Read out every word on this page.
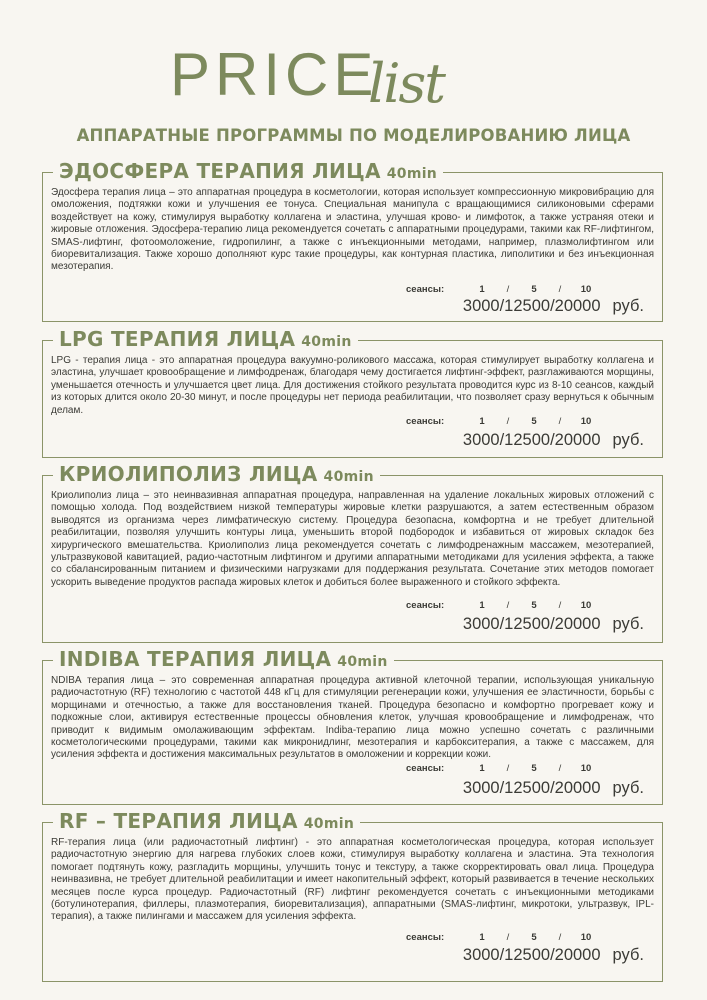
PRICE
list
АППАРАТНЫЕ ПРОГРАММЫ ПО МОДЕЛИРОВАНИЮ ЛИЦА
ЭДОСФЕРА ТЕРАПИЯ ЛИЦА 40min
Эдосфера терапия лица – это аппаратная процедура в косметологии, которая использует компрессионную микровибрацию для омоложения, подтяжки кожи и улучшения ее тонуса. Специальная манипула с вращающимися силиконовыми сферами воздействует на кожу, стимулируя выработку коллагена и эластина, улучшая крово- и лимфоток, а также устраняя отеки и жировые отложения. Эдосфера-терапию лица рекомендуется сочетать с аппаратными процедурами, такими как RF-лифтингом, SMAS-лифтинг, фотоомоложение, гидропилинг, а также с инъекционными методами, например, плазмолифтингом или биоревитализация. Также хорошо дополняют курс такие процедуры, как контурная пластика, липолитики и без инъекционная мезотерапия.
сеансы:	1 / 5 / 10
3000/12500/20000 руб.
LPG ТЕРАПИЯ ЛИЦА 40min
LPG - терапия лица - это аппаратная процедура вакуумно-роликового массажа, которая стимулирует выработку коллагена и эластина, улучшает кровообращение и лимфодренаж, благодаря чему достигается лифтинг-эффект, разглаживаются морщины, уменьшается отечность и улучшается цвет лица. Для достижения стойкого результата проводится курс из 8-10 сеансов, каждый из которых длится около 20-30 минут, и после процедуры нет периода реабилитации, что позволяет сразу вернуться к обычным делам.
сеансы:	1 / 5 / 10
3000/12500/20000 руб.
КРИОЛИПОЛИЗ ЛИЦА 40min
Криолиполиз лица – это неинвазивная аппаратная процедура, направленная на удаление локальных жировых отложений с помощью холода. Под воздействием низкой температуры жировые клетки разрушаются, а затем естественным образом выводятся из организма через лимфатическую систему. Процедура безопасна, комфортна и не требует длительной реабилитации, позволяя улучшить контуры лица, уменьшить второй подбородок и избавиться от жировых складок без хирургического вмешательства. Криолиполиз лица рекомендуется сочетать с лимфодренажным массажем, мезотерапией, ультразвуковой кавитацией, радио-частотным лифтингом и другими аппаратными методиками для усиления эффекта, а также со сбалансированным питанием и физическими нагрузками для поддержания результата. Сочетание этих методов помогает ускорить выведение продуктов распада жировых клеток и добиться более выраженного и стойкого эффекта.
сеансы:	1 / 5 / 10
3000/12500/20000 руб.
INDIBA ТЕРАПИЯ ЛИЦА 40min
NDIBA терапия лица – это современная аппаратная процедура активной клеточной терапии, использующая уникальную радиочастотную (RF) технологию с частотой 448 кГц для стимуляции регенерации кожи, улучшения ее эластичности, борьбы с морщинами и отечностью, а также для восстановления тканей. Процедура безопасно и комфортно прогревает кожу и подкожные слои, активируя естественные процессы обновления клеток, улучшая кровообращение и лимфодренаж, что приводит к видимым омолаживающим эффектам. Indiba-терапию лица можно успешно сочетать с различными косметологическими процедурами, такими как микронидлинг, мезотерапия и карбокситерапия, а также с массажем, для усиления эффекта и достижения максимальных результатов в омоложении и коррекции кожи.
сеансы:	1 / 5 / 10
3000/12500/20000 руб.
RF – ТЕРАПИЯ ЛИЦА 40min
RF-терапия лица (или радиочастотный лифтинг) - это аппаратная косметологическая процедура, которая использует радиочастотную энергию для нагрева глубоких слоев кожи, стимулируя выработку коллагена и эластина. Эта технология помогает подтянуть кожу, разгладить морщины, улучшить тонус и текстуру, а также скорректировать овал лица. Процедура неинвазивна, не требует длительной реабилитации и имеет накопительный эффект, который развивается в течение нескольких месяцев после курса процедур. Радиочастотный (RF) лифтинг рекомендуется сочетать с инъекционными методиками (ботулинотерапия, филлеры, плазмотерапия, биоревитализация), аппаратными (SMAS-лифтинг, микротоки, ультразвук, IPL-терапия), а также пилингами и массажем для усиления эффекта.
сеансы:	1 / 5 / 10
3000/12500/20000 руб.
